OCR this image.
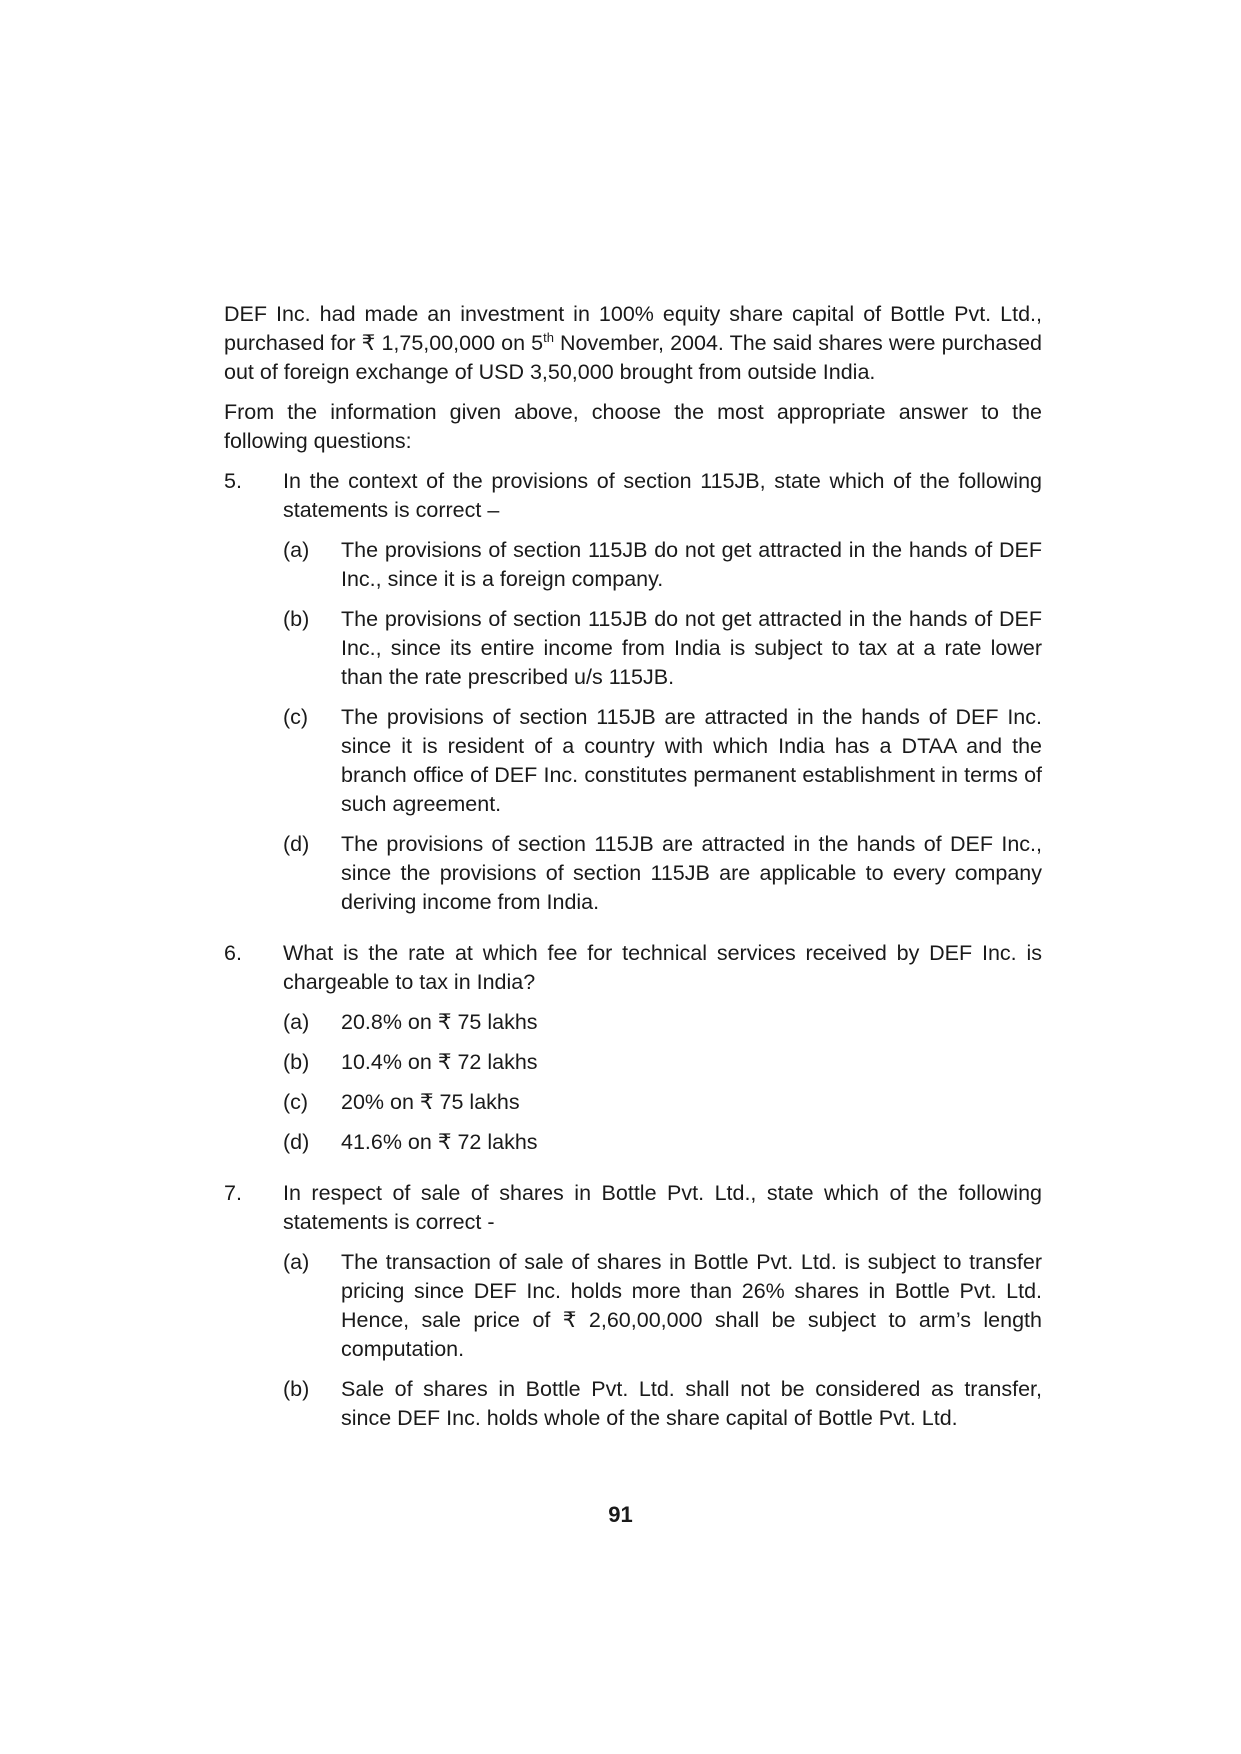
DEF Inc. had made an investment in 100% equity share capital of Bottle Pvt. Ltd., purchased for ₹ 1,75,00,000 on 5th November, 2004. The said shares were purchased out of foreign exchange of USD 3,50,000 brought from outside India.

From the information given above, choose the most appropriate answer to the following questions:

5.	In the context of the provisions of section 115JB, state which of the following statements is correct –

(a)	The provisions of section 115JB do not get attracted in the hands of DEF Inc., since it is a foreign company.
(b)	The provisions of section 115JB do not get attracted in the hands of DEF Inc., since its entire income from India is subject to tax at a rate lower than the rate prescribed u/s 115JB.
(c)	The provisions of section 115JB are attracted in the hands of DEF Inc. since it is resident of a country with which India has a DTAA and the branch office of DEF Inc. constitutes permanent establishment in terms of such agreement.
(d)	The provisions of section 115JB are attracted in the hands of DEF Inc., since the provisions of section 115JB are applicable to every company deriving income from India.
6.	What is the rate at which fee for technical services received by DEF Inc. is chargeable to tax in India?

(a)	20.8% on ₹ 75 lakhs
(b)	10.4% on ₹ 72 lakhs
(c)	20% on ₹ 75 lakhs
(d)	41.6% on ₹ 72 lakhs
7.	In respect of sale of shares in Bottle Pvt. Ltd., state which of the following statements is correct -

(a)	The transaction of sale of shares in Bottle Pvt. Ltd. is subject to transfer pricing since DEF Inc. holds more than 26% shares in Bottle Pvt. Ltd. Hence, sale price of ₹ 2,60,00,000 shall be subject to arm’s length computation.
(b)	Sale of shares in Bottle Pvt. Ltd. shall not be considered as transfer, since DEF Inc. holds whole of the share capital of Bottle Pvt. Ltd.
91
